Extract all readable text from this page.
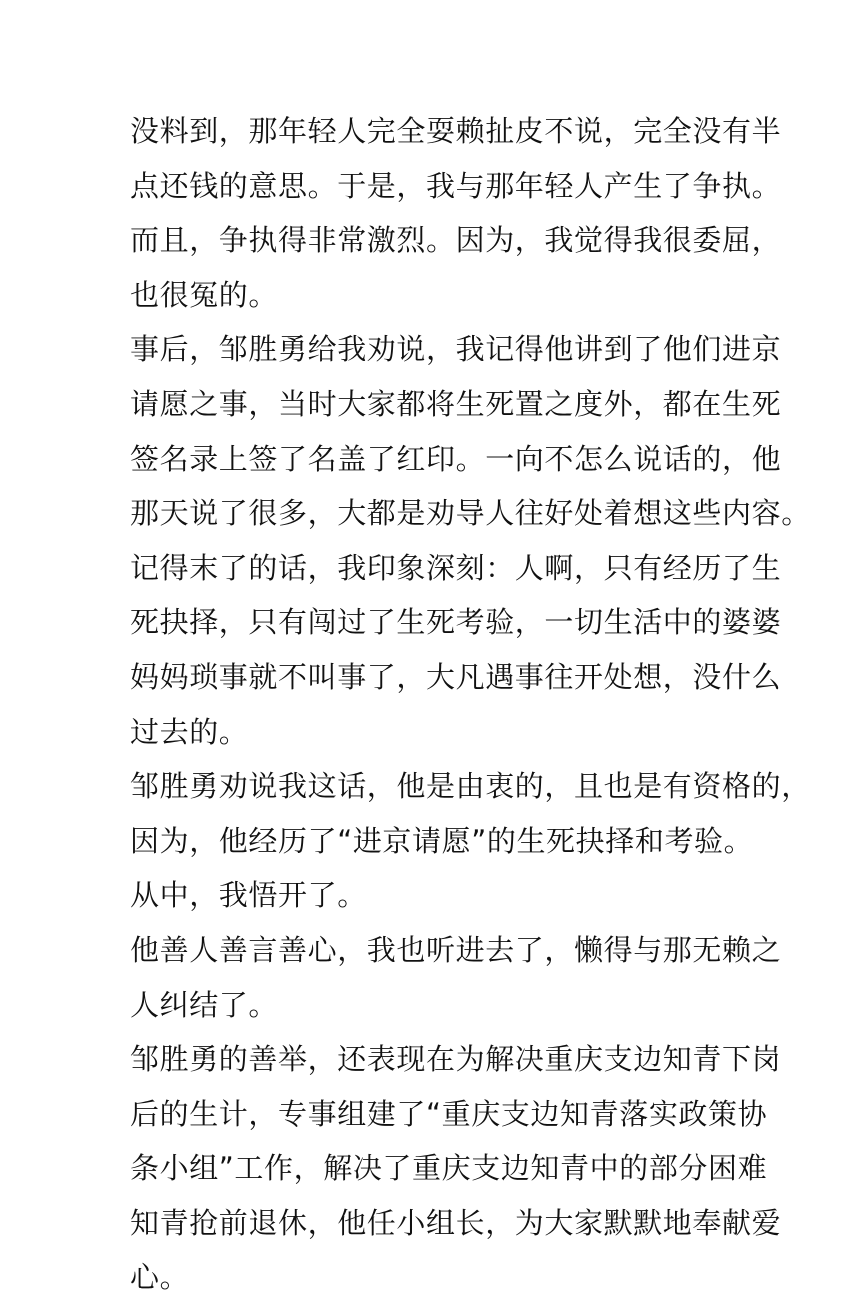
没料到，那年轻人完全耍赖扯皮不说，完全没有半
点还钱的意思。于是，我与那年轻人产生了争执。
而且，争执得非常激烈。因为，我觉得我很委屈，
也很冤的。
事后，邹胜勇给我劝说，我记得他讲到了他们进京
请愿之事，当时大家都将生死置之度外，都在生死
签名录上签了名盖了红印。一向不怎么说话的，他
那天说了很多，大都是劝导人往好处着想这些内容。
记得末了的话，我印象深刻：人啊，只有经历了生
死抉择，只有闯过了生死考验，一切生活中的婆婆
妈妈琐事就不叫事了，大凡遇事往开处想，没什么
过去的。
邹胜勇劝说我这话，他是由衷的，且也是有资格的，
因为，他经历了“进京请愿”的生死抉择和考验。
从中，我悟开了。
他善人善言善心，我也听进去了，懒得与那无赖之
人纠结了。
邹胜勇的善举，还表现在为解决重庆支边知青下岗
后的生计，专事组建了“重庆支边知青落实政策协
条小组”工作，解决了重庆支边知青中的部分困难
知青抢前退休，他任小组长，为大家默默地奉献爱
心。
